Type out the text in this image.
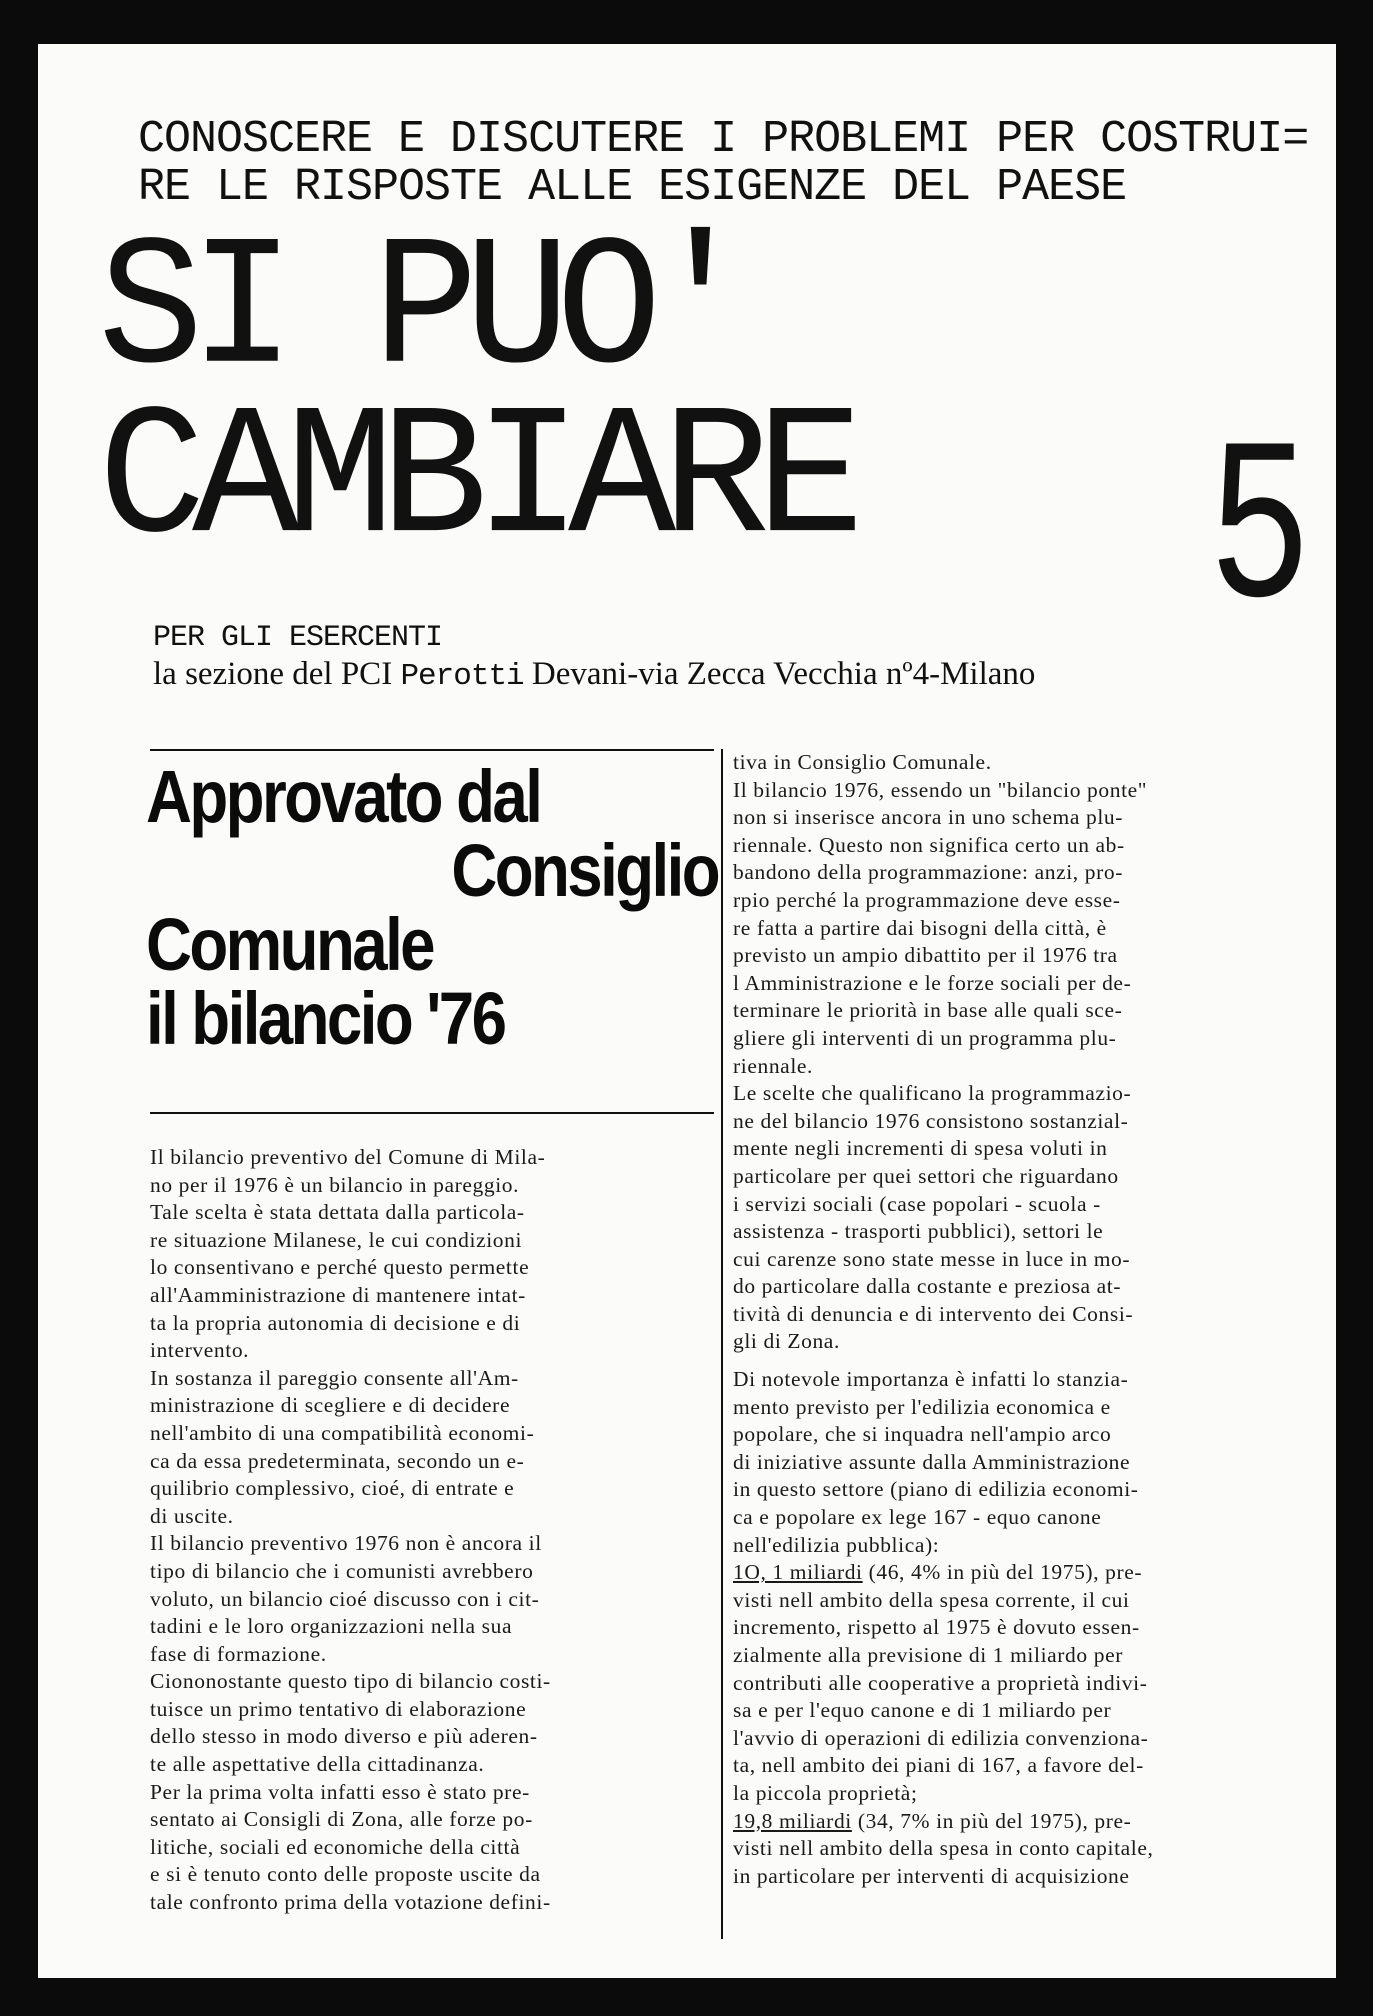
CONOSCERE E DISCUTERE I PROBLEMI PER COSTRUI=

RE LE RISPOSTE ALLE ESIGENZE DEL PAESE

SI PUO'

CAMBIARE 5

PER GLI ESERCENTI

la sezione del PCI Perotti Devani-via Zecca Vecchia nº4-Milano

Approvato dal
Consiglio
Comunale
il bilancio '76

Il bilancio preventivo del Comune di Mila-

no per il 1976 è un bilancio in pareggio.

Tale scelta è stata dettata dalla particola-

re situazione Milanese, le cui condizioni

lo consentivano e perché questo permette

all'Aamministrazione di mantenere intat-

ta la propria autonomia di decisione e di

intervento.

In sostanza il pareggio consente all'Am-

ministrazione di scegliere e di decidere

nell'ambito di una compatibilità economi-

ca da essa predeterminata, secondo un e-

quilibrio complessivo, cioé, di entrate e

di uscite.

Il bilancio preventivo 1976 non è ancora il

tipo di bilancio che i comunisti avrebbero

voluto, un bilancio cioé discusso con i cit-

tadini e le loro organizzazioni nella sua

fase di formazione.

Ciononostante questo tipo di bilancio costi-

tuisce un primo tentativo di elaborazione

dello stesso in modo diverso e più aderen-

te alle aspettative della cittadinanza.

Per la prima volta infatti esso è stato pre-

sentato ai Consigli di Zona, alle forze po-

litiche, sociali ed economiche della città

e si è tenuto conto delle proposte uscite da

tale confronto prima della votazione defini-

tiva in Consiglio Comunale.

Il bilancio 1976, essendo un "bilancio ponte"

non si inserisce ancora in uno schema plu-

riennale. Questo non significa certo un ab-

bandono della programmazione: anzi, pro-

rpio perché la programmazione deve esse-

re fatta a partire dai bisogni della città, è

previsto un ampio dibattito per il 1976 tra

l Amministrazione e le forze sociali per de-

terminare le priorità in base alle quali sce-

gliere gli interventi di un programma plu-

riennale.

Le scelte che qualificano la programmazio-

ne del bilancio 1976 consistono sostanzial-

mente negli incrementi di spesa voluti in

particolare per quei settori che riguardano

i servizi sociali (case popolari - scuola -

assistenza - trasporti pubblici), settori le

cui carenze sono state messe in luce in mo-

do particolare dalla costante e preziosa at-

tività di denuncia e di intervento dei Consi-

gli di Zona.

Di notevole importanza è infatti lo stanzia-

mento previsto per l'edilizia economica e

popolare, che si inquadra nell'ampio arco

di iniziative assunte dalla Amministrazione

in questo settore (piano di edilizia economi-

ca e popolare ex lege 167 - equo canone

nell'edilizia pubblica):

1O, 1 miliardi (46, 4% in più del 1975), pre-

visti nell ambito della spesa corrente, il cui

incremento, rispetto al 1975 è dovuto essen-

zialmente alla previsione di 1 miliardo per

contributi alle cooperative a proprietà indivi-

sa e per l'equo canone e di 1 miliardo per

l'avvio di operazioni di edilizia convenziona-

ta, nell ambito dei piani di 167, a favore del-

la piccola proprietà;

19,8 miliardi (34, 7% in più del 1975), pre-

visti nell ambito della spesa in conto capitale,

in particolare per interventi di acquisizione
